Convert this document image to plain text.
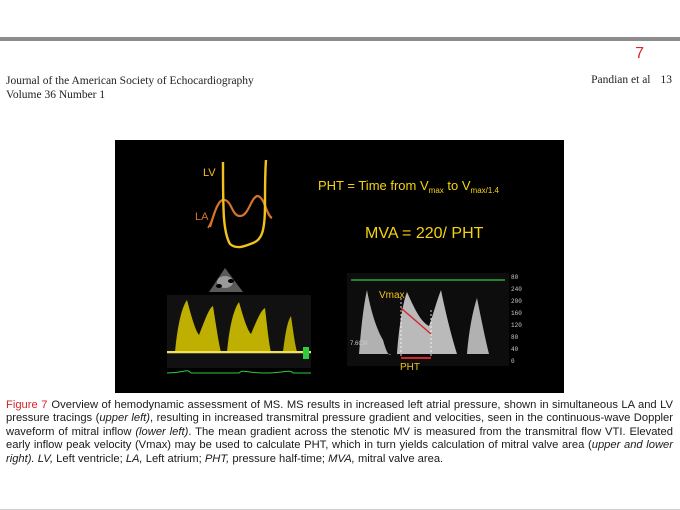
7
Journal of the American Society of Echocardiography
Volume 36 Number 1
Pandian et al 13
LV
LA
PHT = Time from $V_{max}$ to $V_{max/1.4}$
MVA = 220/ PHT
Vmax
PHT
7.6CM
80
240
200
160
120
80
40
0
Figure 7 Overview of hemodynamic assessment of MS. MS results in increased left atrial pressure, shown in simultaneous LA and LV pressure tracings (upper left), resulting in increased transmitral pressure gradient and velocities, seen in the continuous-wave Doppler waveform of mitral inflow (lower left). The mean gradient across the stenotic MV is measured from the transmitral flow VTI. Elevated early inflow peak velocity (Vmax) may be used to calculate PHT, which in turn yields calculation of mitral valve area (upper and lower right). LV, Left ventricle; LA, Left atrium; PHT, pressure half-time; MVA, mitral valve area.
